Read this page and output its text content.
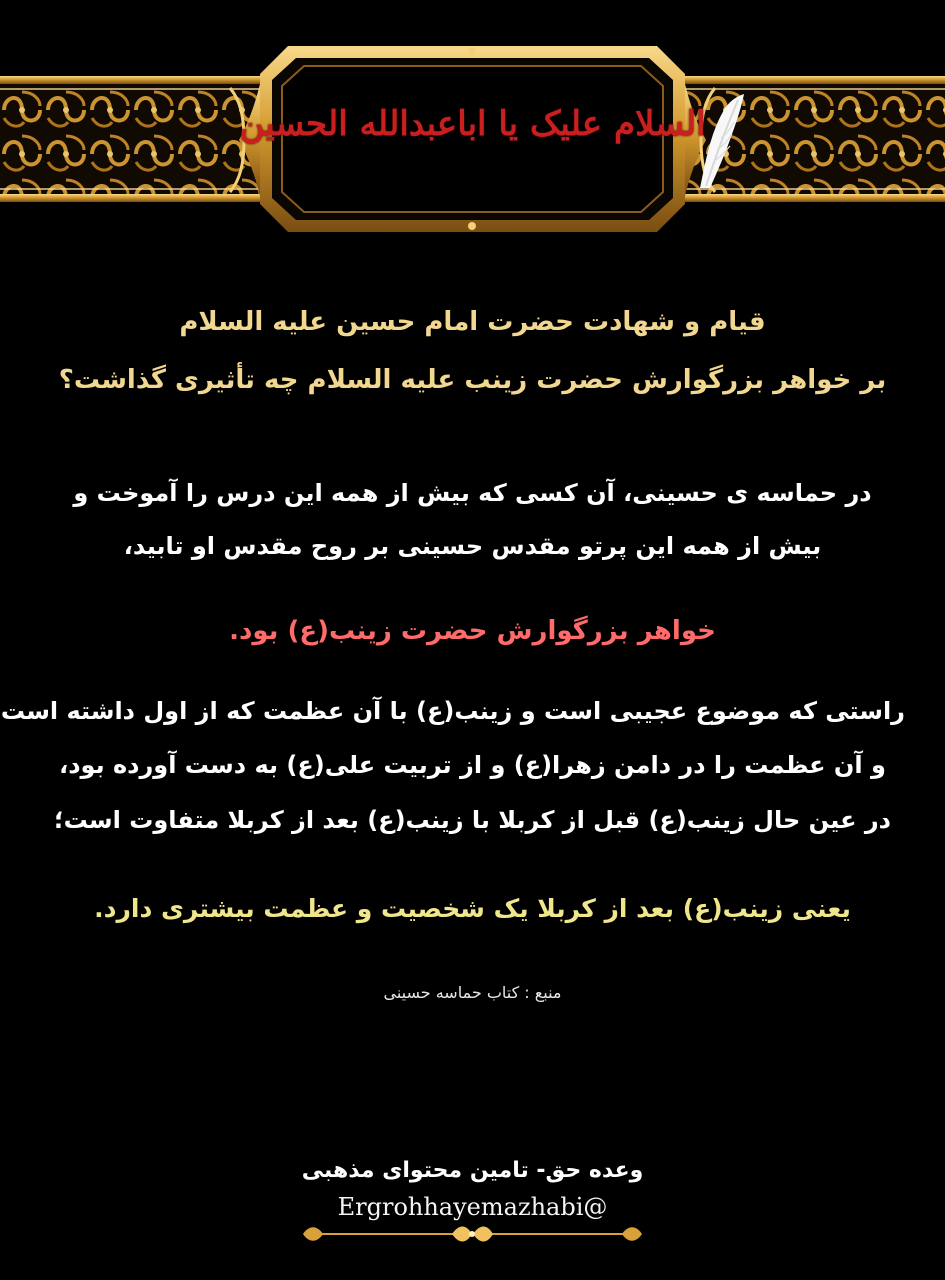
السلام علیک یا اباعبدالله الحسین
قیام و شهادت حضرت امام حسین علیه السلام
بر خواهر بزرگوارش حضرت زینب علیه السلام چه تأثیری گذاشت؟
در حماسه ی حسینی، آن کسی که بیش از همه این درس را آموخت و
بیش از همه این پرتو مقدس حسینی بر روح مقدس او تابید،
خواهر بزرگوارش حضرت زینب(ع) بود.
راستی که موضوع عجیبی است و زینب(ع) با آن عظمت که از اول داشته است
و آن عظمت را در دامن زهرا(ع) و از تربیت علی(ع) به دست آورده بود،
در عین حال زینب(ع) قبل از کربلا با زینب(ع) بعد از کربلا متفاوت است؛
یعنی زینب(ع) بعد از کربلا یک شخصیت و عظمت بیشتری دارد.
منبع : کتاب حماسه حسینی
وعده حق- تامین محتوای مذهبی
@Ergrohhayemazhabi
